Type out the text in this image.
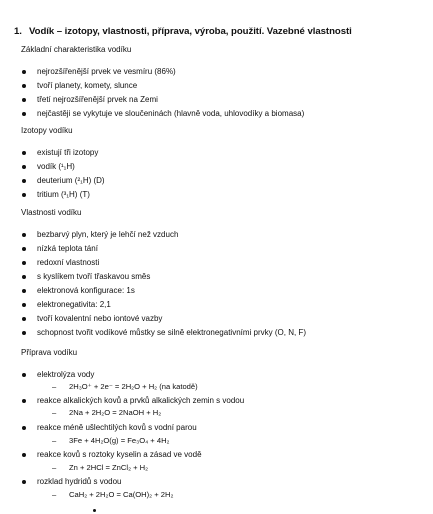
1. Vodík – izotopy, vlastnosti, příprava, výroba, použití. Vazebné vlastnosti
Základní charakteristika vodíku
nejrozšířenější prvek ve vesmíru (86%)
tvoří planety, komety, slunce
třetí nejrozšířenější prvek na Zemi
nejčastěji se vykytuje ve sloučeninách (hlavně voda, uhlovodíky a biomasa)
Izotopy vodíku
existují tři izotopy
vodík (¹₁H)
deuterium (²₁H) (D)
tritium (³₁H) (T)
Vlastnosti vodíku
bezbarvý plyn, který je lehčí než vzduch
nízká teplota tání
redoxní vlastnosti
s kyslíkem tvoří třaskavou směs
elektronová konfigurace: 1s
elektronegativita: 2,1
tvoří kovalentní nebo iontové vazby
schopnost tvořit vodíkové můstky se silně elektronegativními prvky (O, N, F)
Příprava vodíku
elektrolýza vody
– 2H₃O⁺ + 2e⁻ = 2H₂O + H₂ (na katodě)
reakce alkalických kovů a prvků alkalických zemin s vodou
– 2Na + 2H₂O = 2NaOH + H₂
reakce méně ušlechtilých kovů s vodní parou
– 3Fe + 4H₂O(g) = Fe₃O₄ + 4H₂
reakce kovů s roztoky kyselin a zásad ve vodě
– Zn + 2HCl = ZnCl₂ + H₂
rozklad hydridů s vodou
– CaH₂ + 2H₂O = Ca(OH)₂ + 2H₂
